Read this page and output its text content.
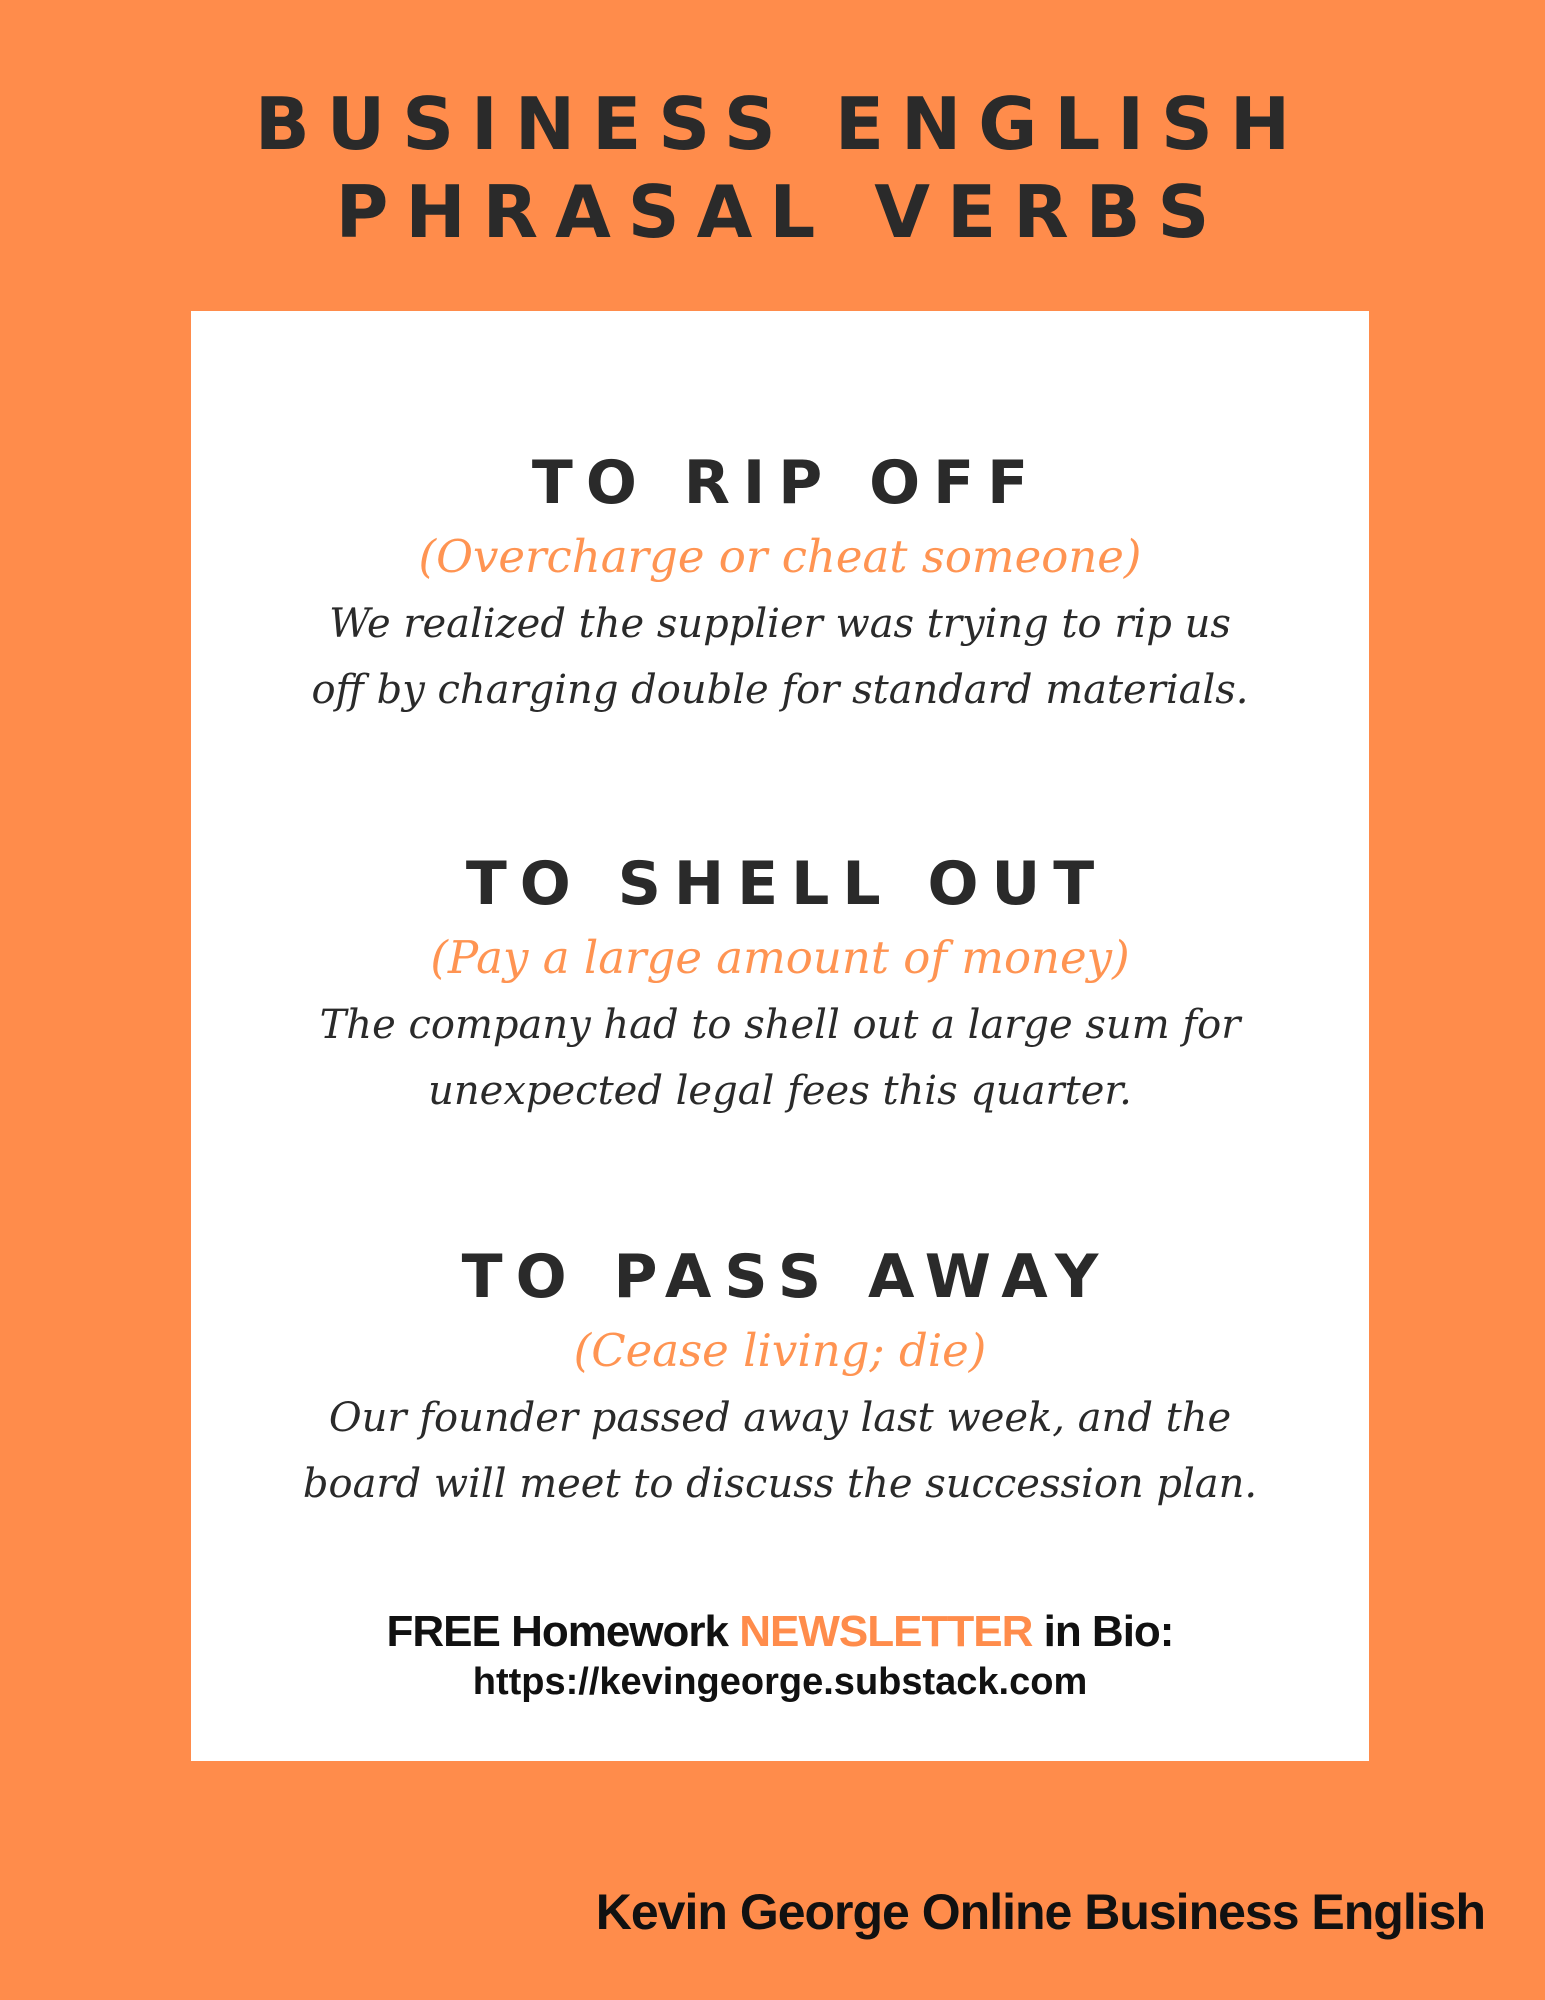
BUSINESS ENGLISH
PHRASAL VERBS

TO RIP OFF

(Overcharge or cheat someone)

We realized the supplier was trying to rip us

off by charging double for standard materials.

TO SHELL OUT

(Pay a large amount of money)

The company had to shell out a large sum for

unexpected legal fees this quarter.

TO PASS AWAY

(Cease living; die)

Our founder passed away last week, and the

board will meet to discuss the succession plan.

FREE Homework NEWSLETTER in Bio:

https://kevingeorge.substack.com

Kevin George Online Business English
